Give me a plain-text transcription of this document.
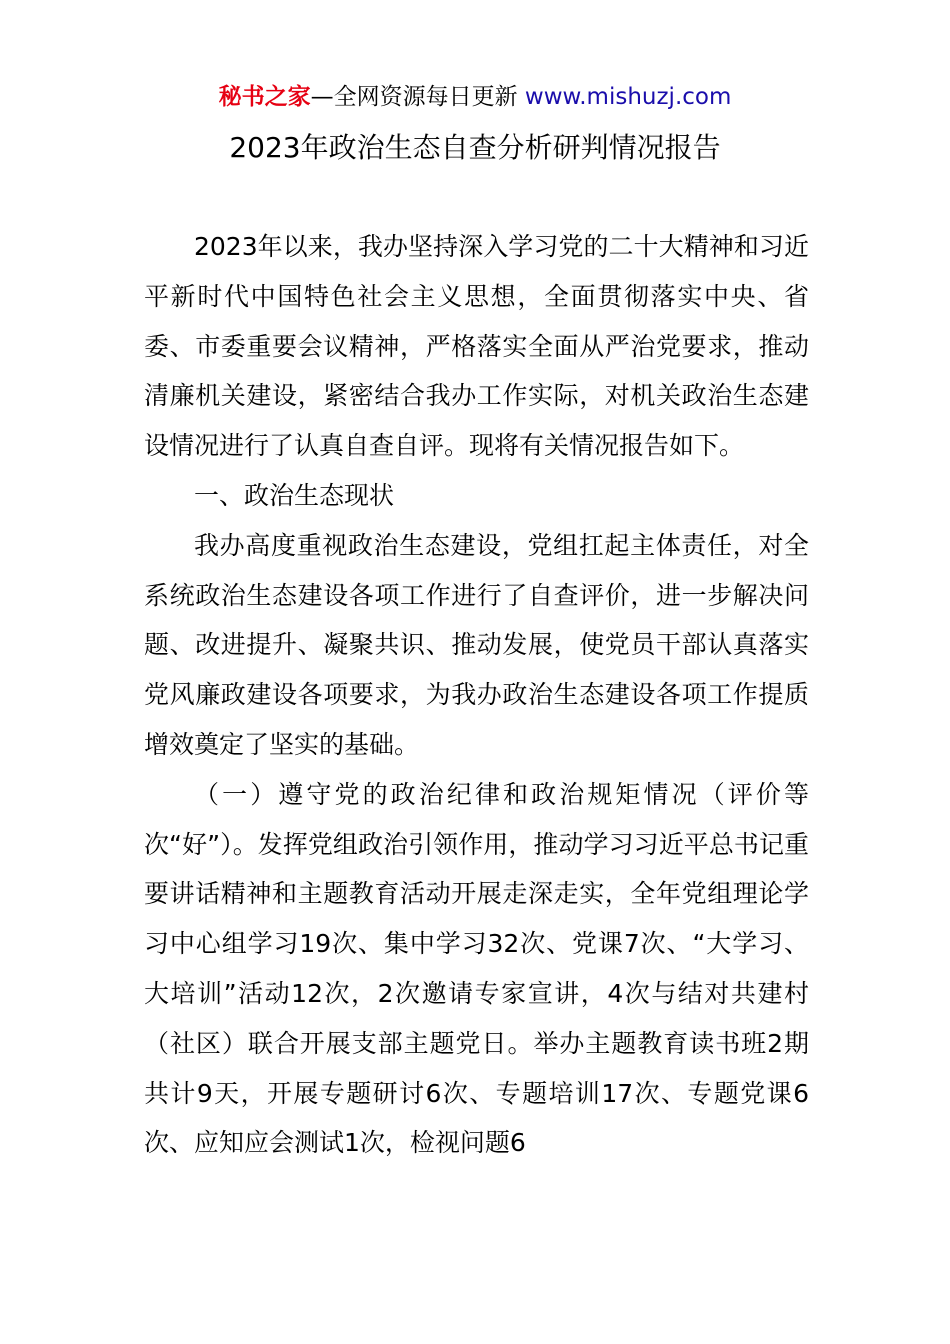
秘书之家—全网资源每日更新 www.mishuzj.com
2023年政治生态自查分析研判情况报告

2023年以来，我办坚持深入学习党的二十大精神和习近平新时代中国特色社会主义思想，全面贯彻落实中央、省委、市委重要会议精神，严格落实全面从严治党要求，推动清廉机关建设，紧密结合我办工作实际，对机关政治生态建设情况进行了认真自查自评。现将有关情况报告如下。

一、政治生态现状

我办高度重视政治生态建设，党组扛起主体责任，对全系统政治生态建设各项工作进行了自查评价，进一步解决问题、改进提升、凝聚共识、推动发展，使党员干部认真落实党风廉政建设各项要求，为我办政治生态建设各项工作提质增效奠定了坚实的基础。

（一）遵守党的政治纪律和政治规矩情况（评价等次“好”）。发挥党组政治引领作用，推动学习习近平总书记重要讲话精神和主题教育活动开展走深走实，全年党组理论学习中心组学习19次、集中学习32次、党课7次、“大学习、大培训”活动12次，2次邀请专家宣讲，4次与结对共建村（社区）联合开展支部主题党日。举办主题教育读书班2期共计9天，开展专题研讨6次、专题培训17次、专题党课6次、应知应会测试1次，检视问题6
